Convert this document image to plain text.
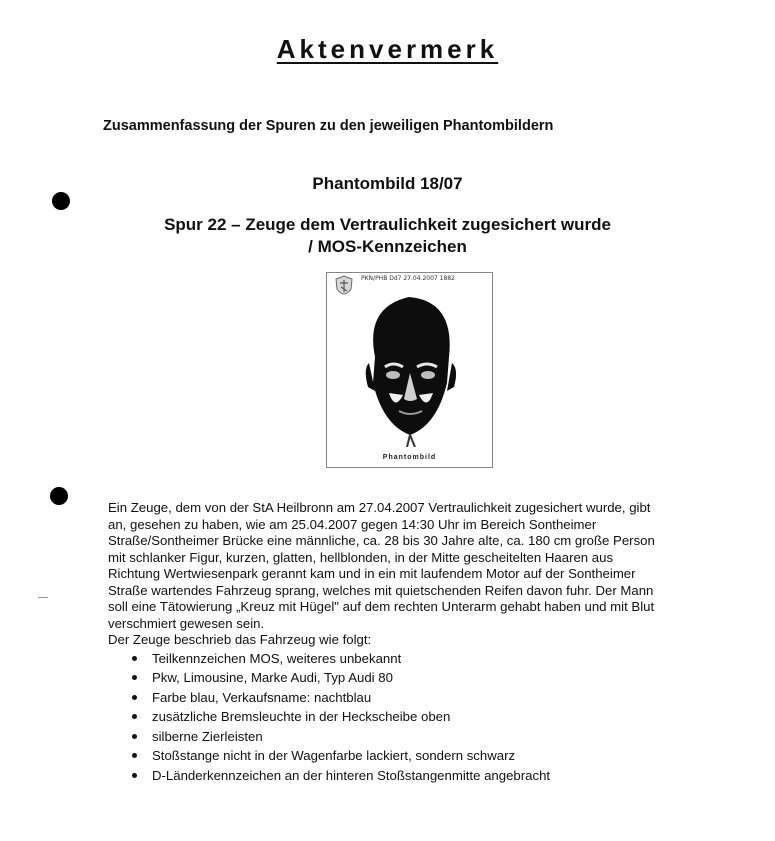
Aktenvermerk
Zusammenfassung der Spuren zu den jeweiligen Phantombildern
Phantombild 18/07
Spur 22 – Zeuge dem Vertraulichkeit zugesichert wurde
/ MOS-Kennzeichen
PKN/PHB Dd7 27.04.2007 1882
Phantombild

Ein Zeuge, dem von der StA Heilbronn am 27.04.2007 Vertraulichkeit zugesichert wurde, gibt an, gesehen zu haben, wie am 25.04.2007 gegen 14:30 Uhr im Bereich Sontheimer Straße/Sontheimer Brücke eine männliche, ca. 28 bis 30 Jahre alte, ca. 180 cm große Person mit schlanker Figur, kurzen, glatten, hellblonden, in der Mitte gescheitelten Haaren aus Richtung Wertwiesenpark gerannt kam und in ein mit laufendem Motor auf der Sontheimer Straße wartendes Fahrzeug sprang, welches mit quietschenden Reifen davon fuhr. Der Mann soll eine Tätowierung „Kreuz mit Hügel" auf dem rechten Unterarm gehabt haben und mit Blut verschmiert gewesen sein.

Der Zeuge beschrieb das Fahrzeug wie folgt:

Teilkennzeichen MOS, weiteres unbekannt
Pkw, Limousine, Marke Audi, Typ Audi 80
Farbe blau, Verkaufsname: nachtblau
zusätzliche Bremsleuchte in der Heckscheibe oben
silberne Zierleisten
Stoßstange nicht in der Wagenfarbe lackiert, sondern schwarz
D-Länderkennzeichen an der hinteren Stoßstangenmitte angebracht
